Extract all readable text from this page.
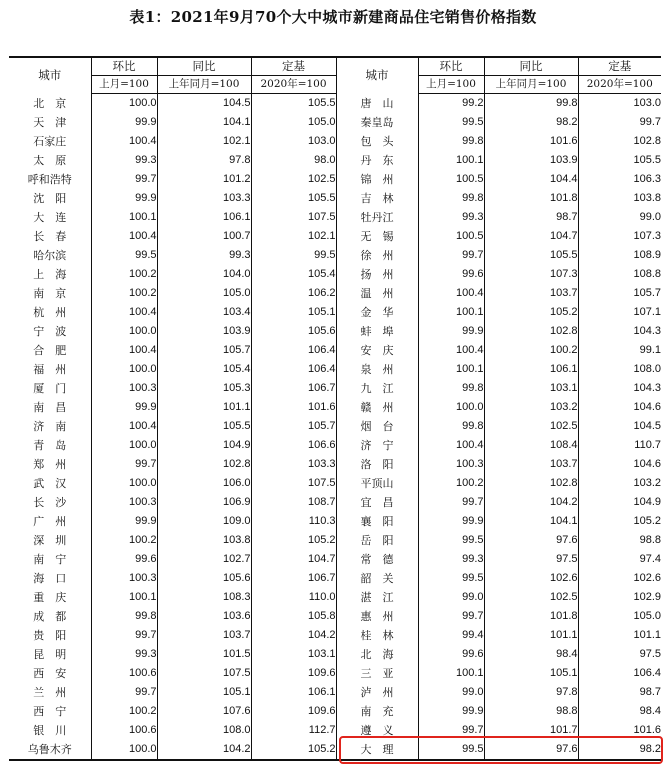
表1：2021年9月70个大中城市新建商品住宅销售价格指数
城市	环比	同比	定基	城市	环比	同比	定基
	上月=100	上年同月=100	2020年=100		上月=100	上年同月=100	2020年=100
北　京	100.0	104.5	105.5	唐　山	99.2	99.8	103.0
天　津	99.9	104.1	105.0	秦皇岛	99.5	98.2	99.7
石家庄	100.4	102.1	103.0	包　头	99.8	101.6	102.8
太　原	99.3	97.8	98.0	丹　东	100.1	103.9	105.5
呼和浩特	99.7	101.2	102.5	锦　州	100.5	104.4	106.3
沈　阳	99.9	103.3	105.5	吉　林	99.8	101.8	103.8
大　连	100.1	106.1	107.5	牡丹江	99.3	98.7	99.0
长　春	100.4	100.7	102.1	无　锡	100.5	104.7	107.3
哈尔滨	99.5	99.3	99.5	徐　州	99.7	105.5	108.9
上　海	100.2	104.0	105.4	扬　州	99.6	107.3	108.8
南　京	100.2	105.0	106.2	温　州	100.4	103.7	105.7
杭　州	100.4	103.4	105.1	金　华	100.1	105.2	107.1
宁　波	100.0	103.9	105.6	蚌　埠	99.9	102.8	104.3
合　肥	100.4	105.7	106.4	安　庆	100.4	100.2	99.1
福　州	100.0	105.4	106.4	泉　州	100.1	106.1	108.0
厦　门	100.3	105.3	106.7	九　江	99.8	103.1	104.3
南　昌	99.9	101.1	101.6	赣　州	100.0	103.2	104.6
济　南	100.4	105.5	105.7	烟　台	99.8	102.5	104.5
青　岛	100.0	104.9	106.6	济　宁	100.4	108.4	110.7
郑　州	99.7	102.8	103.3	洛　阳	100.3	103.7	104.6
武　汉	100.0	106.0	107.5	平顶山	100.2	102.8	103.2
长　沙	100.3	106.9	108.7	宜　昌	99.7	104.2	104.9
广　州	99.9	109.0	110.3	襄　阳	99.9	104.1	105.2
深　圳	100.2	103.8	105.2	岳　阳	99.5	97.6	98.8
南　宁	99.6	102.7	104.7	常　德	99.3	97.5	97.4
海　口	100.3	105.6	106.7	韶　关	99.5	102.6	102.6
重　庆	100.1	108.3	110.0	湛　江	99.0	102.5	102.9
成　都	99.8	103.6	105.8	惠　州	99.7	101.8	105.0
贵　阳	99.7	103.7	104.2	桂　林	99.4	101.1	101.1
昆　明	99.3	101.5	103.1	北　海	99.6	98.4	97.5
西　安	100.6	107.5	109.6	三　亚	100.1	105.1	106.4
兰　州	99.7	105.1	106.1	泸　州	99.0	97.8	98.7
西　宁	100.2	107.6	109.6	南　充	99.9	98.8	98.4
银　川	100.6	108.0	112.7	遵　义	99.7	101.7	101.6
乌鲁木齐	100.0	104.2	105.2	大　理	99.5	97.6	98.2
